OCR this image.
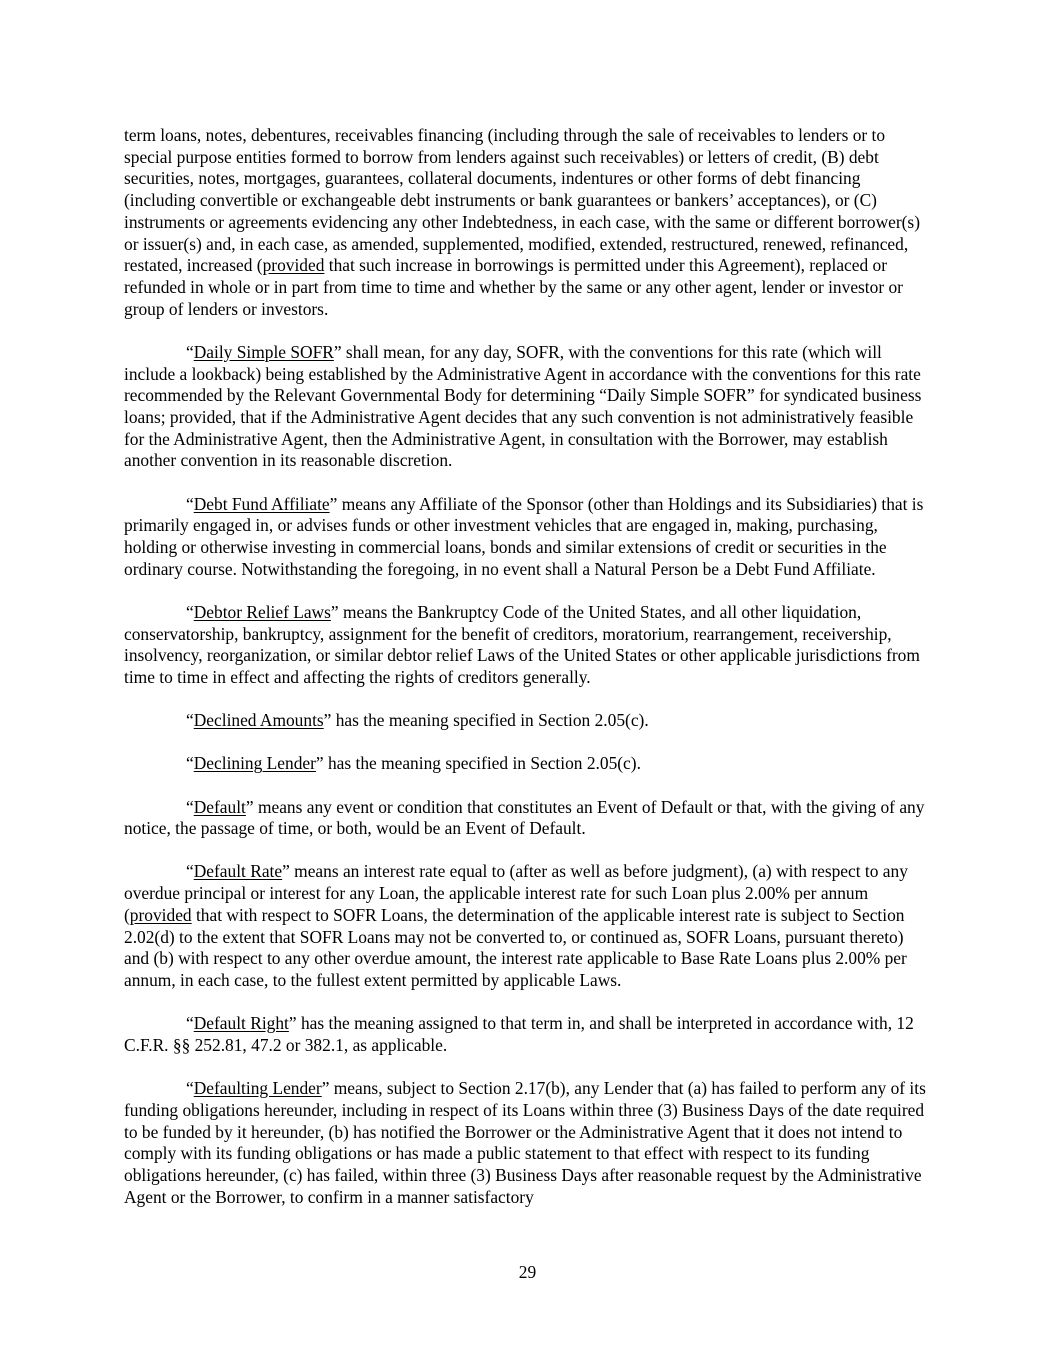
term loans, notes, debentures, receivables financing (including through the sale of receivables to lenders or to special purpose entities formed to borrow from lenders against such receivables) or letters of credit, (B) debt securities, notes, mortgages, guarantees, collateral documents, indentures or other forms of debt financing (including convertible or exchangeable debt instruments or bank guarantees or bankers’ acceptances), or (C) instruments or agreements evidencing any other Indebtedness, in each case, with the same or different borrower(s) or issuer(s) and, in each case, as amended, supplemented, modified, extended, restructured, renewed, refinanced, restated, increased (provided that such increase in borrowings is permitted under this Agreement), replaced or refunded in whole or in part from time to time and whether by the same or any other agent, lender or investor or group of lenders or investors.

“Daily Simple SOFR” shall mean, for any day, SOFR, with the conventions for this rate (which will include a lookback) being established by the Administrative Agent in accordance with the conventions for this rate recommended by the Relevant Governmental Body for determining “Daily Simple SOFR” for syndicated business loans; provided, that if the Administrative Agent decides that any such convention is not administratively feasible for the Administrative Agent, then the Administrative Agent, in consultation with the Borrower, may establish another convention in its reasonable discretion.

“Debt Fund Affiliate” means any Affiliate of the Sponsor (other than Holdings and its Subsidiaries) that is primarily engaged in, or advises funds or other investment vehicles that are engaged in, making, purchasing, holding or otherwise investing in commercial loans, bonds and similar extensions of credit or securities in the ordinary course. Notwithstanding the foregoing, in no event shall a Natural Person be a Debt Fund Affiliate.

“Debtor Relief Laws” means the Bankruptcy Code of the United States, and all other liquidation, conservatorship, bankruptcy, assignment for the benefit of creditors, moratorium, rearrangement, receivership, insolvency, reorganization, or similar debtor relief Laws of the United States or other applicable jurisdictions from time to time in effect and affecting the rights of creditors generally.

“Declined Amounts” has the meaning specified in Section 2.05(c).

“Declining Lender” has the meaning specified in Section 2.05(c).

“Default” means any event or condition that constitutes an Event of Default or that, with the giving of any notice, the passage of time, or both, would be an Event of Default.

“Default Rate” means an interest rate equal to (after as well as before judgment), (a) with respect to any overdue principal or interest for any Loan, the applicable interest rate for such Loan plus 2.00% per annum (provided that with respect to SOFR Loans, the determination of the applicable interest rate is subject to Section 2.02(d) to the extent that SOFR Loans may not be converted to, or continued as, SOFR Loans, pursuant thereto) and (b) with respect to any other overdue amount, the interest rate applicable to Base Rate Loans plus 2.00% per annum, in each case, to the fullest extent permitted by applicable Laws.

“Default Right” has the meaning assigned to that term in, and shall be interpreted in accordance with, 12 C.F.R. §§ 252.81, 47.2 or 382.1, as applicable.

“Defaulting Lender” means, subject to Section 2.17(b), any Lender that (a) has failed to perform any of its funding obligations hereunder, including in respect of its Loans within three (3) Business Days of the date required to be funded by it hereunder, (b) has notified the Borrower or the Administrative Agent that it does not intend to comply with its funding obligations or has made a public statement to that effect with respect to its funding obligations hereunder, (c) has failed, within three (3) Business Days after reasonable request by the Administrative Agent or the Borrower, to confirm in a manner satisfactory

29
